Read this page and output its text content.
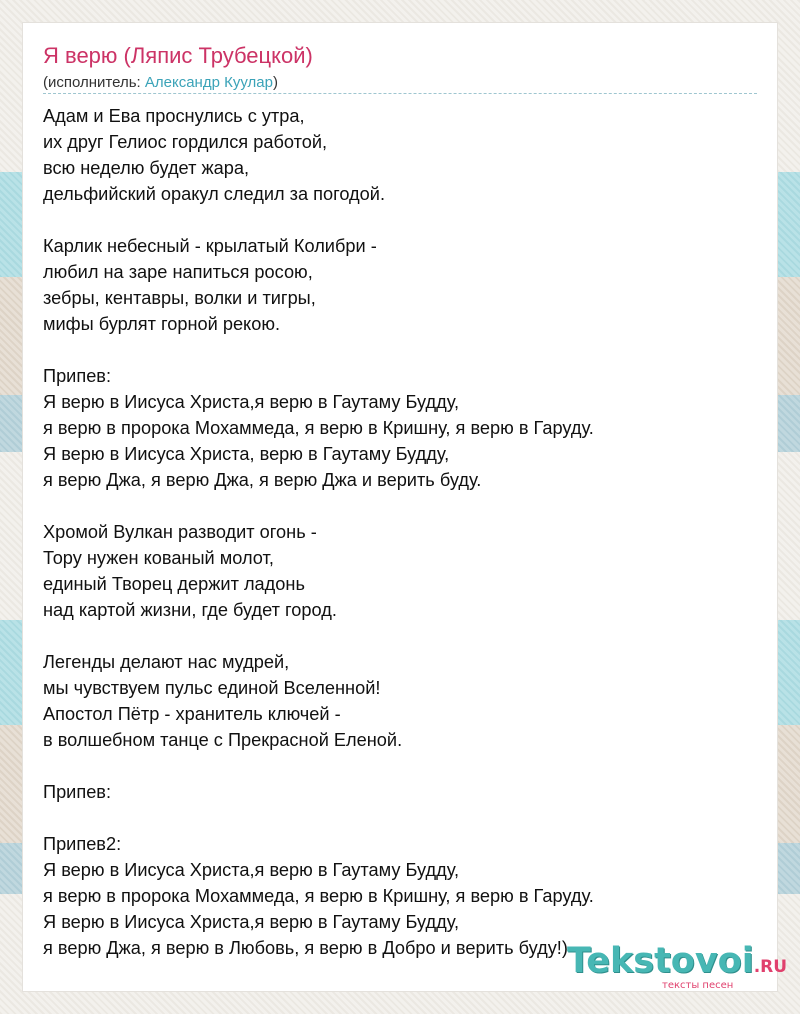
Я верю (Ляпис Трубецкой)
(исполнитель: Александр Куулар)
Адам и Ева проснулись с утра,
их друг Гелиос гордился работой,
всю неделю будет жара,
дельфийский оракул следил за погодой.
Карлик небесный - крылатый Колибри -
любил на заре напиться росою,
зебры, кентавры, волки и тигры,
мифы бурлят горной рекою.
Припев:
Я верю в Иисуса Христа,я верю в Гаутаму Будду,
я верю в пророка Мохаммеда, я верю в Кришну, я верю в Гаруду.
Я верю в Иисуса Христа, верю в Гаутаму Будду,
я верю Джа, я верю Джа, я верю Джа и верить буду.
Хромой Вулкан разводит огонь -
Тору нужен кованый молот,
единый Творец держит ладонь
над картой жизни, где будет город.
Легенды делают нас мудрей,
мы чувствуем пульс единой Вселенной!
Апостол Пётр - хранитель ключей -
в волшебном танце с Прекрасной Еленой.
Припев:
Припев2:
Я верю в Иисуса Христа,я верю в Гаутаму Будду,
я верю в пророка Мохаммеда, я верю в Кришну, я верю в Гаруду.
Я верю в Иисуса Христа,я верю в Гаутаму Будду,
я верю Джа, я верю в Любовь, я верю в Добро и верить буду!) Tekstovoi.RU
тексты песен
